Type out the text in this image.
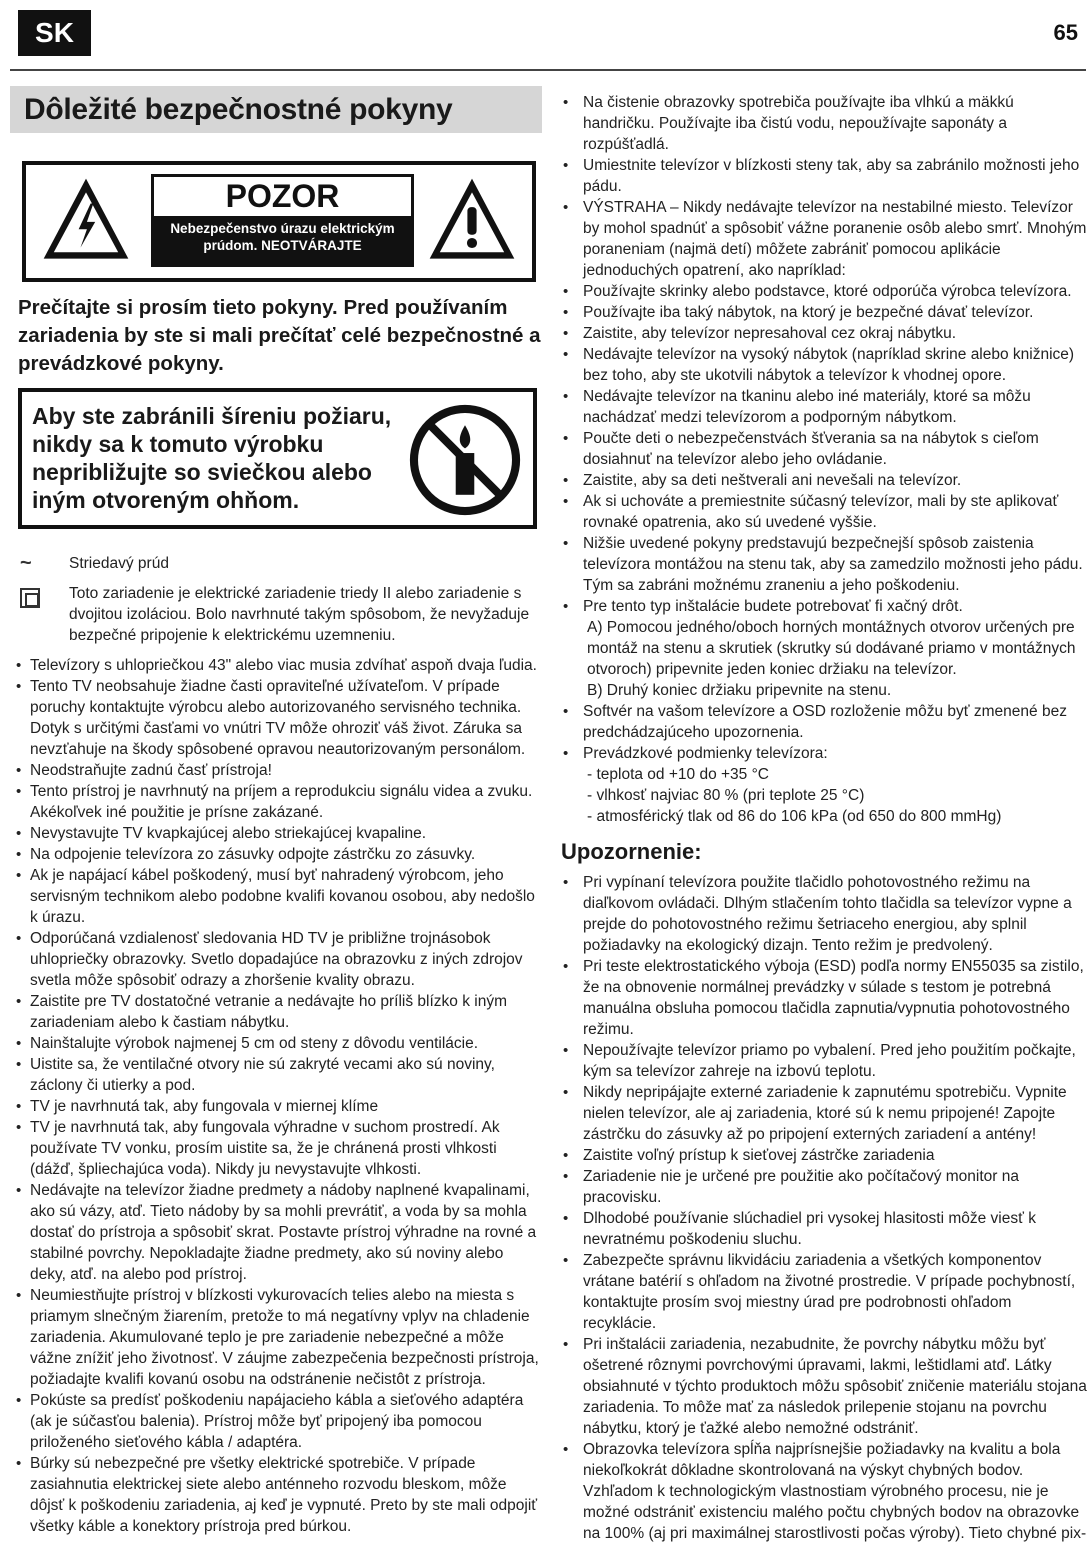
SK	65
Dôležité bezpečnostné pokyny
POZOR
Nebezpečenstvo úrazu elektrickým
prúdom. NEOTVÁRAJTE

Prečítajte si prosím tieto pokyny. Pred používaním zariadenia by ste si mali prečítať celé bezpečnostné a prevádzkové pokyny.

Aby ste zabránili šíreniu požiaru, nikdy sa k tomuto výrobku nepribližujte so sviečkou alebo iným otvoreným ohňom.

~	Striedavý prúd
Toto zariadenie je elektrické zariadenie triedy II alebo zariadenie s dvojitou izoláciou. Bolo navrhnuté takým spôsobom, že nevyžaduje bezpečné pripojenie k elektrickému uzemneniu.
• Televízory s uhlopriečkou 43" alebo viac musia zdvíhať aspoň dvaja ľudia.
• Tento TV neobsahuje žiadne časti opraviteľné užívateľom. V prípade poruchy kontaktujte výrobcu alebo autorizovaného servisného technika. Dotyk s určitými časťami vo vnútri TV môže ohroziť váš život. Záruka sa nevzťahuje na škody spôsobené opravou neautorizovaným personálom.
• Neodstraňujte zadnú časť prístroja!
• Tento prístroj je navrhnutý na príjem a reprodukciu signálu videa a zvuku. Akékoľvek iné použitie je prísne zakázané.
• Nevystavujte TV kvapkajúcej alebo striekajúcej kvapaline.
• Na odpojenie televízora zo zásuvky odpojte zástrčku zo zásuvky.
• Ak je napájací kábel poškodený, musí byť nahradený výrobcom, jeho servisným technikom alebo podobne kvalifi kovanou osobou, aby nedošlo k úrazu.
• Odporúčaná vzdialenosť sledovania HD TV je približne trojnásobok uhlopriečky obrazovky. Svetlo dopadajúce na obrazovku z iných zdrojov svetla môže spôsobiť odrazy a zhoršenie kvality obrazu.
• Zaistite pre TV dostatočné vetranie a nedávajte ho príliš blízko k iným zariadeniam alebo k častiam nábytku.
• Nainštalujte výrobok najmenej 5 cm od steny z dôvodu ventilácie.
• Uistite sa, že ventilačné otvory nie sú zakryté vecami ako sú noviny, záclony či utierky a pod.
• TV je navrhnutá tak, aby fungovala v miernej klíme
• TV je navrhnutá tak, aby fungovala výhradne v suchom prostredí. Ak používate TV vonku, prosím uistite sa, že je chránená prosti vlhkosti (dážď, špliechajúca voda). Nikdy ju nevystavujte vlhkosti.
• Nedávajte na televízor žiadne predmety a nádoby naplnené kvapalinami, ako sú vázy, atď. Tieto nádoby by sa mohli prevrátiť, a voda by sa mohla dostať do prístroja a spôsobiť skrat. Postavte prístroj výhradne na rovné a stabilné povrchy. Nepokladajte žiadne predmety, ako sú noviny alebo deky, atď. na alebo pod prístroj.
• Neumiestňujte prístroj v blízkosti vykurovacích telies alebo na miesta s priamym slnečným žiarením, pretože to má negatívny vplyv na chladenie zariadenia. Akumulované teplo je pre zariadenie nebezpečné a môže vážne znížiť jeho životnosť. V záujme zabezpečenia bezpečnosti prístroja, požiadajte kvalifi kovanú osobu na odstránenie nečistôt z prístroja.
• Pokúste sa predísť poškodeniu napájacieho kábla a sieťového adaptéra (ak je súčasťou balenia). Prístroj môže byť pripojený iba pomocou priloženého sieťového kábla / adaptéra.
• Búrky sú nebezpečné pre všetky elektrické spotrebiče. V prípade zasiahnutia elektrickej siete alebo anténneho rozvodu bleskom, môže dôjsť k poškodeniu zariadenia, aj keď je vypnuté. Preto by ste mali odpojiť všetky káble a konektory prístroja pred búrkou.
• Na čistenie obrazovky spotrebiča používajte iba vlhkú a mäkkú handričku. Používajte iba čistú vodu, nepoužívajte saponáty a rozpúšťadlá.
• Umiestnite televízor v blízkosti steny tak, aby sa zabránilo možnosti jeho pádu.
• VÝSTRAHA – Nikdy nedávajte televízor na nestabilné miesto. Televízor by mohol spadnúť a spôsobiť vážne poranenie osôb alebo smrť. Mnohým poraneniam (najmä detí) môžete zabrániť pomocou aplikácie jednoduchých opatrení, ako napríklad:
• Používajte skrinky alebo podstavce, ktoré odporúča výrobca televízora.
• Používajte iba taký nábytok, na ktorý je bezpečné dávať televízor.
• Zaistite, aby televízor nepresahoval cez okraj nábytku.
• Nedávajte televízor na vysoký nábytok (napríklad skrine alebo knižnice) bez toho, aby ste ukotvili nábytok a televízor k vhodnej opore.
• Nedávajte televízor na tkaninu alebo iné materiály, ktoré sa môžu nachádzať medzi televízorom a podporným nábytkom.
• Poučte deti o nebezpečenstvách šťverania sa na nábytok s cieľom dosiahnuť na televízor alebo jeho ovládanie.
• Zaistite, aby sa deti neštverali ani nevešali na televízor.
• Ak si uchováte a premiestnite súčasný televízor, mali by ste aplikovať rovnaké opatrenia, ako sú uvedené vyššie.
• Nižšie uvedené pokyny predstavujú bezpečnejší spôsob zaistenia televízora montážou na stenu tak, aby sa zamedzilo možnosti jeho pádu. Tým sa zabráni možnému zraneniu a jeho poškodeniu.
• Pre tento typ inštalácie budete potrebovať fi xačný drôt.
A) Pomocou jedného/oboch horných montážnych otvorov určených pre montáž na stenu a skrutiek (skrutky sú dodávané priamo v montážnych otvoroch) pripevnite jeden koniec držiaku na televízor.
B) Druhý koniec držiaku pripevnite na stenu.
• Softvér na vašom televízore a OSD rozloženie môžu byť zmenené bez predchádzajúceho upozornenia.
• Prevádzkové podmienky televízora:
- teplota od +10 do +35 °C
- vlhkosť najviac 80 % (pri teplote 25 °C)
- atmosférický tlak od 86 do 106 kPa (od 650 do 800 mmHg)
Upozornenie:
• Pri vypínaní televízora použite tlačidlo pohotovostného režimu na diaľkovom ovládači. Dlhým stlačením tohto tlačidla sa televízor vypne a prejde do pohotovostného režimu šetriaceho energiou, aby splnil požiadavky na ekologický dizajn. Tento režim je predvolený.
• Pri teste elektrostatického výboja (ESD) podľa normy EN55035 sa zistilo, že na obnovenie normálnej prevádzky v súlade s testom je potrebná manuálna obsluha pomocou tlačidla zapnutia/vypnutia pohotovostného režimu.
• Nepoužívajte televízor priamo po vybalení. Pred jeho použitím počkajte, kým sa televízor zahreje na izbovú teplotu.
• Nikdy nepripájajte externé zariadenie k zapnutému spotrebiču. Vypnite nielen televízor, ale aj zariadenia, ktoré sú k nemu pripojené! Zapojte zástrčku do zásuvky až po pripojení externých zariadení a antény!
• Zaistite voľný prístup k sieťovej zástrčke zariadenia
• Zariadenie nie je určené pre použitie ako počítačový monitor na pracovisku.
• Dlhodobé používanie slúchadiel pri vysokej hlasitosti môže viesť k nevratnému poškodeniu sluchu.
• Zabezpečte správnu likvidáciu zariadenia a všetkých komponentov vrátane batérií s ohľadom na životné prostredie. V prípade pochybností, kontaktujte prosím svoj miestny úrad pre podrobnosti ohľadom recyklácie.
• Pri inštalácii zariadenia, nezabudnite, že povrchy nábytku môžu byť ošetrené rôznymi povrchovými úpravami, lakmi, leštidlami atď. Látky obsiahnuté v týchto produktoch môžu spôsobiť zničenie materiálu stojana zariadenia. To môže mať za následok prilepenie stojanu na povrchu nábytku, ktorý je ťažké alebo nemožné odstrániť.
• Obrazovka televízora spĺňa najprísnejšie požiadavky na kvalitu a bola niekoľkokrát dôkladne skontrolovaná na výskyt chybných bodov. Vzhľadom k technologickým vlastnostiam výrobného procesu, nie je možné odstrániť existenciu malého počtu chybných bodov na obrazovke na 100% (aj pri maximálnej starostlivosti počas výroby). Tieto chybné pix-
